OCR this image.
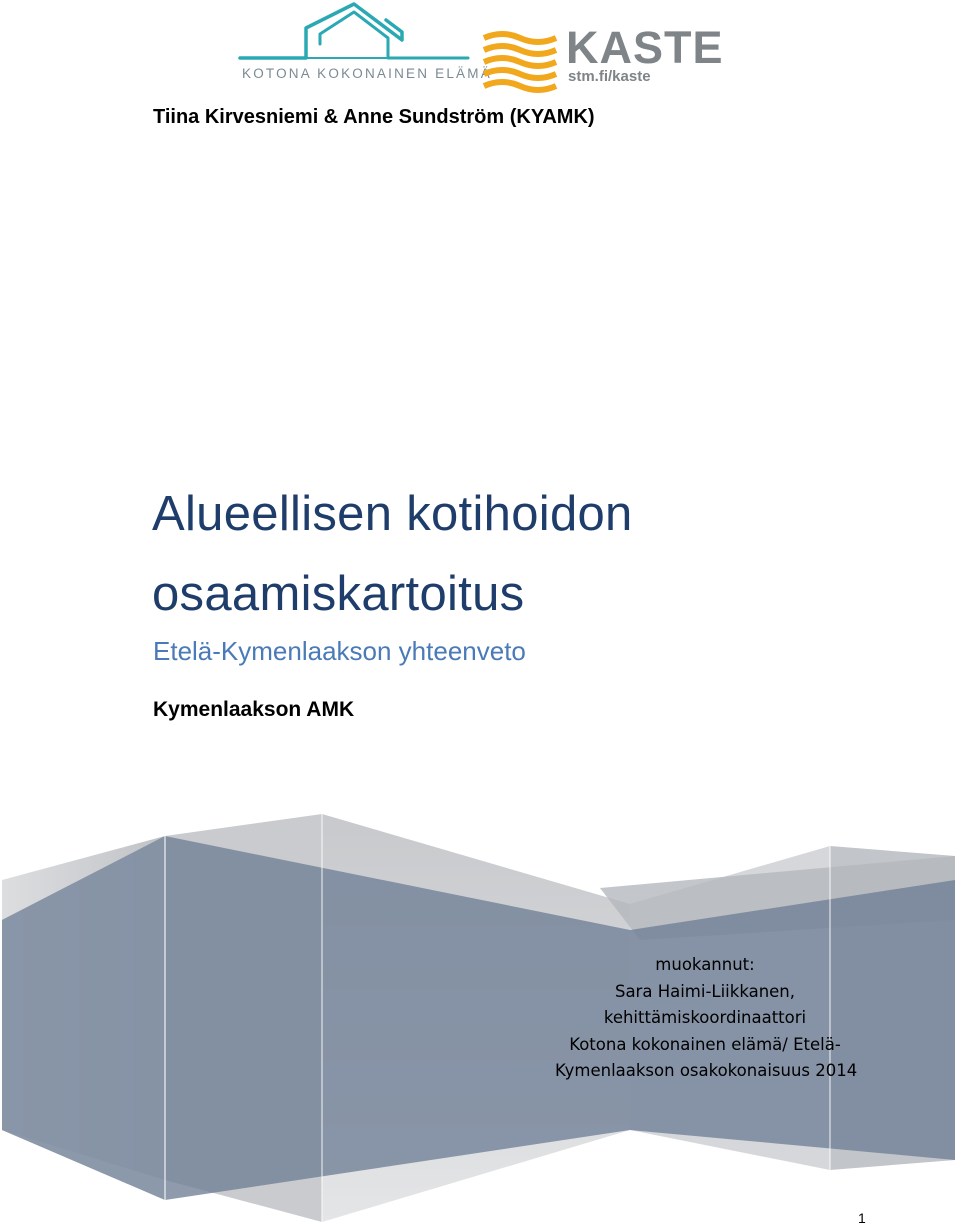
KOTONA KOKONAINEN ELÄMÄ
KASTE
stm.fi/kaste
Tiina Kirvesniemi & Anne Sundström (KYAMK)
Alueellisen kotihoidon
osaamiskartoitus
Etelä-Kymenlaakson yhteenveto
Kymenlaakson AMK
muokannut:
Sara Haimi-Liikkanen,
kehittämiskoordinaattori
Kotona kokonainen elämä/ Etelä-
Kymenlaakson osakokonaisuus 2014
1
